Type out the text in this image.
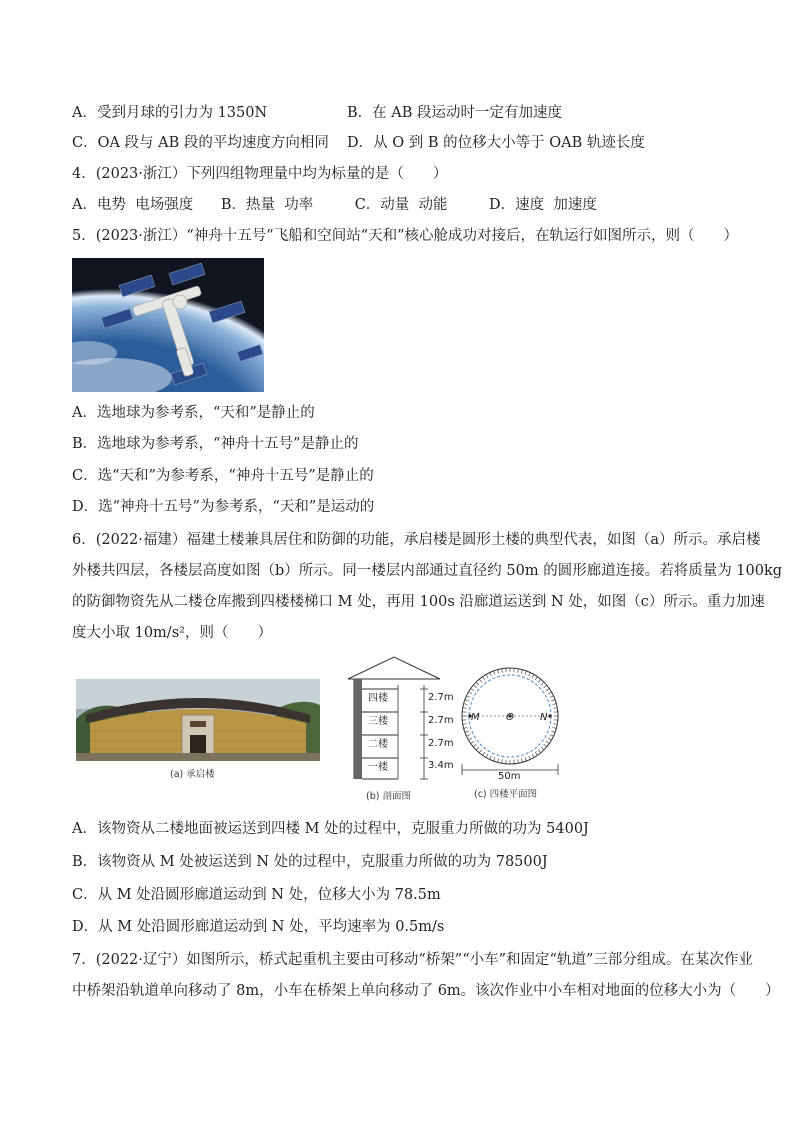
A．受到月球的引力为 1350N	B．在 AB 段运动时一定有加速度
C．OA 段与 AB 段的平均速度方向相同 D．从 O 到 B 的位移大小等于 OAB 轨迹长度
4．(2023·浙江）下列四组物理量中均为标量的是（　　）
A．电势  电场强度      B．热量  功率         C．动量  动能         D．速度  加速度
5．(2023·浙江）“神舟十五号”飞船和空间站“天和”核心舱成功对接后，在轨运行如图所示，则（　　）
A．选地球为参考系，“天和”是静止的
B．选地球为参考系，“神舟十五号”是静止的
C．选“天和”为参考系，“神舟十五号”是静止的
D．选“神舟十五号”为参考系，“天和”是运动的
6．(2022·福建）福建土楼兼具居住和防御的功能，承启楼是圆形土楼的典型代表，如图（a）所示。承启楼
外楼共四层，各楼层高度如图（b）所示。同一楼层内部通过直径约 50m 的圆形廊道连接。若将质量为 100kg
的防御物资先从二楼仓库搬到四楼楼梯口 M 处，再用 100s 沿廊道运送到 N 处，如图（c）所示。重力加速
度大小取 10m/s²，则（　　）
(a) 承启楼
四楼
三楼
二楼
一楼
2.7m
2.7m
2.7m
3.4m
(b) 剖面图
M	O	N
50m
(c) 四楼平面图
A．该物资从二楼地面被运送到四楼 M 处的过程中，克服重力所做的功为 5400J
B．该物资从 M 处被运送到 N 处的过程中，克服重力所做的功为 78500J
C．从 M 处沿圆形廊道运动到 N 处，位移大小为 78.5m
D．从 M 处沿圆形廊道运动到 N 处，平均速率为 0.5m/s
7．(2022·辽宁）如图所示，桥式起重机主要由可移动“桥架”“小车”和固定“轨道”三部分组成。在某次作业
中桥架沿轨道单向移动了 8m，小车在桥架上单向移动了 6m。该次作业中小车相对地面的位移大小为（　　）
